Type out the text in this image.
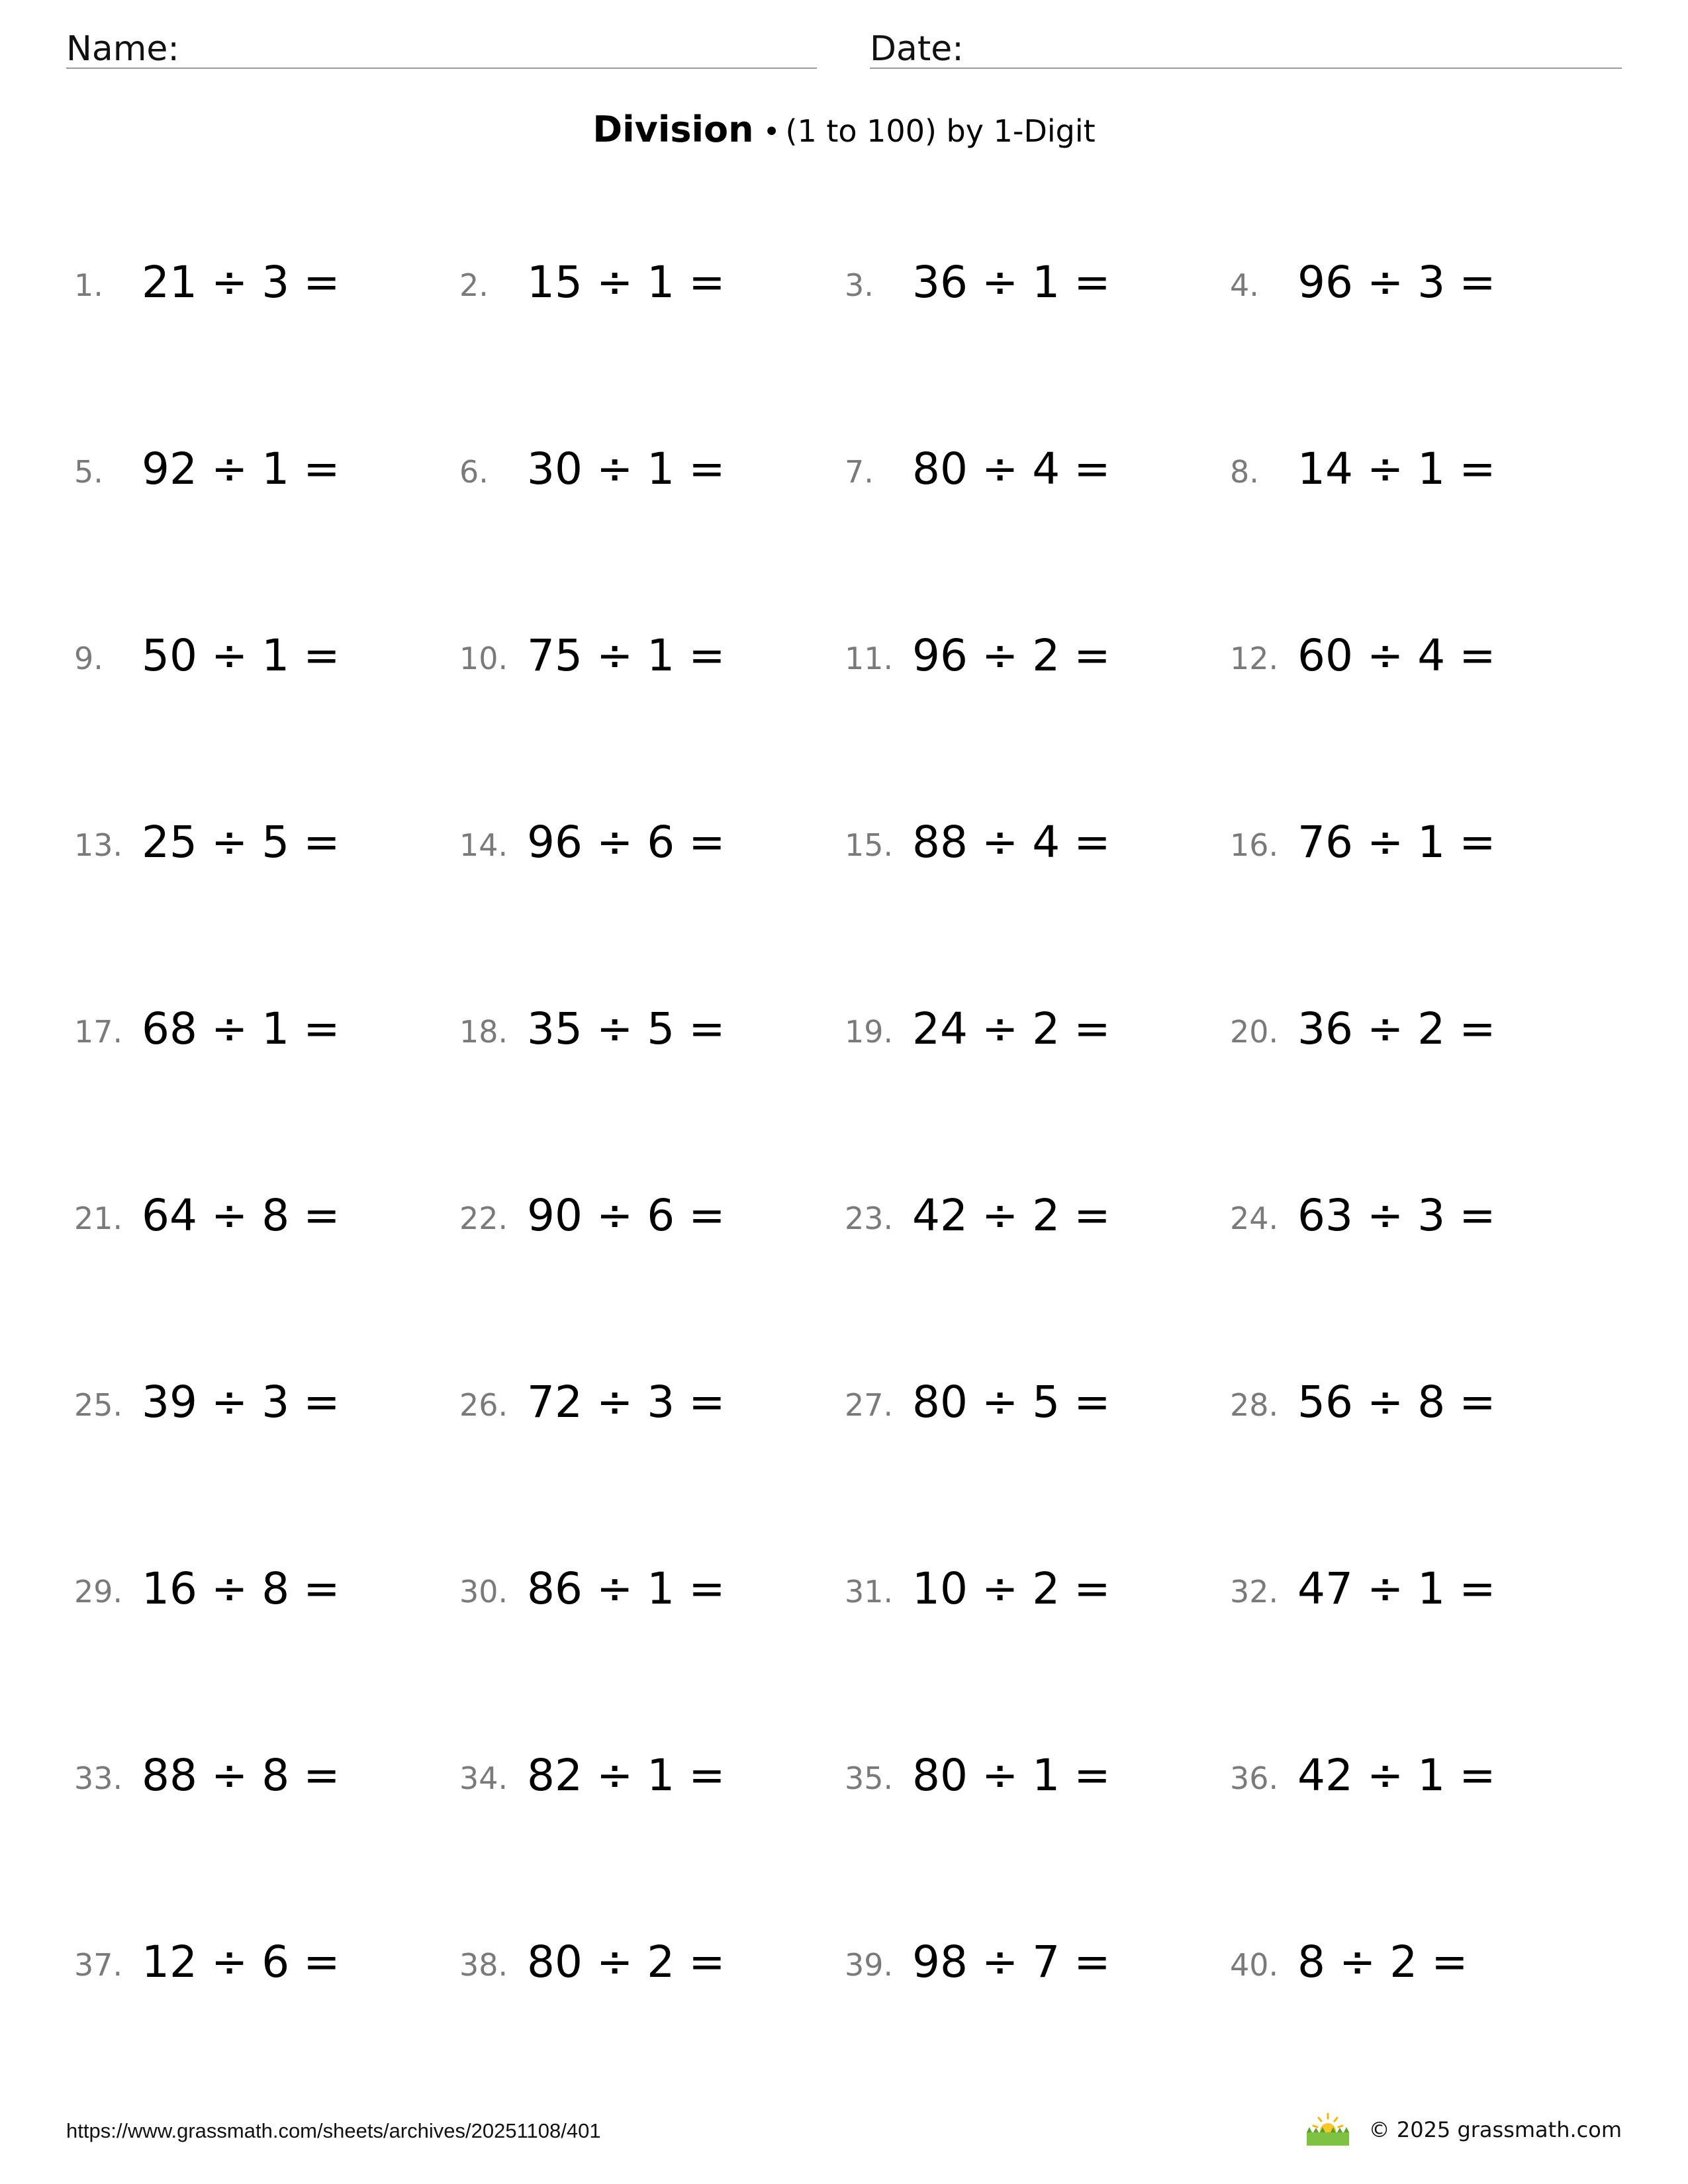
Name:	Date:
Division • (1 to 100) by 1-Digit
1. 21 ÷ 3 =	2. 15 ÷ 1 =	3. 36 ÷ 1 =	4. 96 ÷ 3 =
5. 92 ÷ 1 =	6. 30 ÷ 1 =	7. 80 ÷ 4 =	8. 14 ÷ 1 =
9. 50 ÷ 1 =	10. 75 ÷ 1 =	11. 96 ÷ 2 =	12. 60 ÷ 4 =
13. 25 ÷ 5 =	14. 96 ÷ 6 =	15. 88 ÷ 4 =	16. 76 ÷ 1 =
17. 68 ÷ 1 =	18. 35 ÷ 5 =	19. 24 ÷ 2 =	20. 36 ÷ 2 =
21. 64 ÷ 8 =	22. 90 ÷ 6 =	23. 42 ÷ 2 =	24. 63 ÷ 3 =
25. 39 ÷ 3 =	26. 72 ÷ 3 =	27. 80 ÷ 5 =	28. 56 ÷ 8 =
29. 16 ÷ 8 =	30. 86 ÷ 1 =	31. 10 ÷ 2 =	32. 47 ÷ 1 =
33. 88 ÷ 8 =	34. 82 ÷ 1 =	35. 80 ÷ 1 =	36. 42 ÷ 1 =
37. 12 ÷ 6 =	38. 80 ÷ 2 =	39. 98 ÷ 7 =	40. 8 ÷ 2 =
https://www.grassmath.com/sheets/archives/20251108/401	© 2025 grassmath.com
